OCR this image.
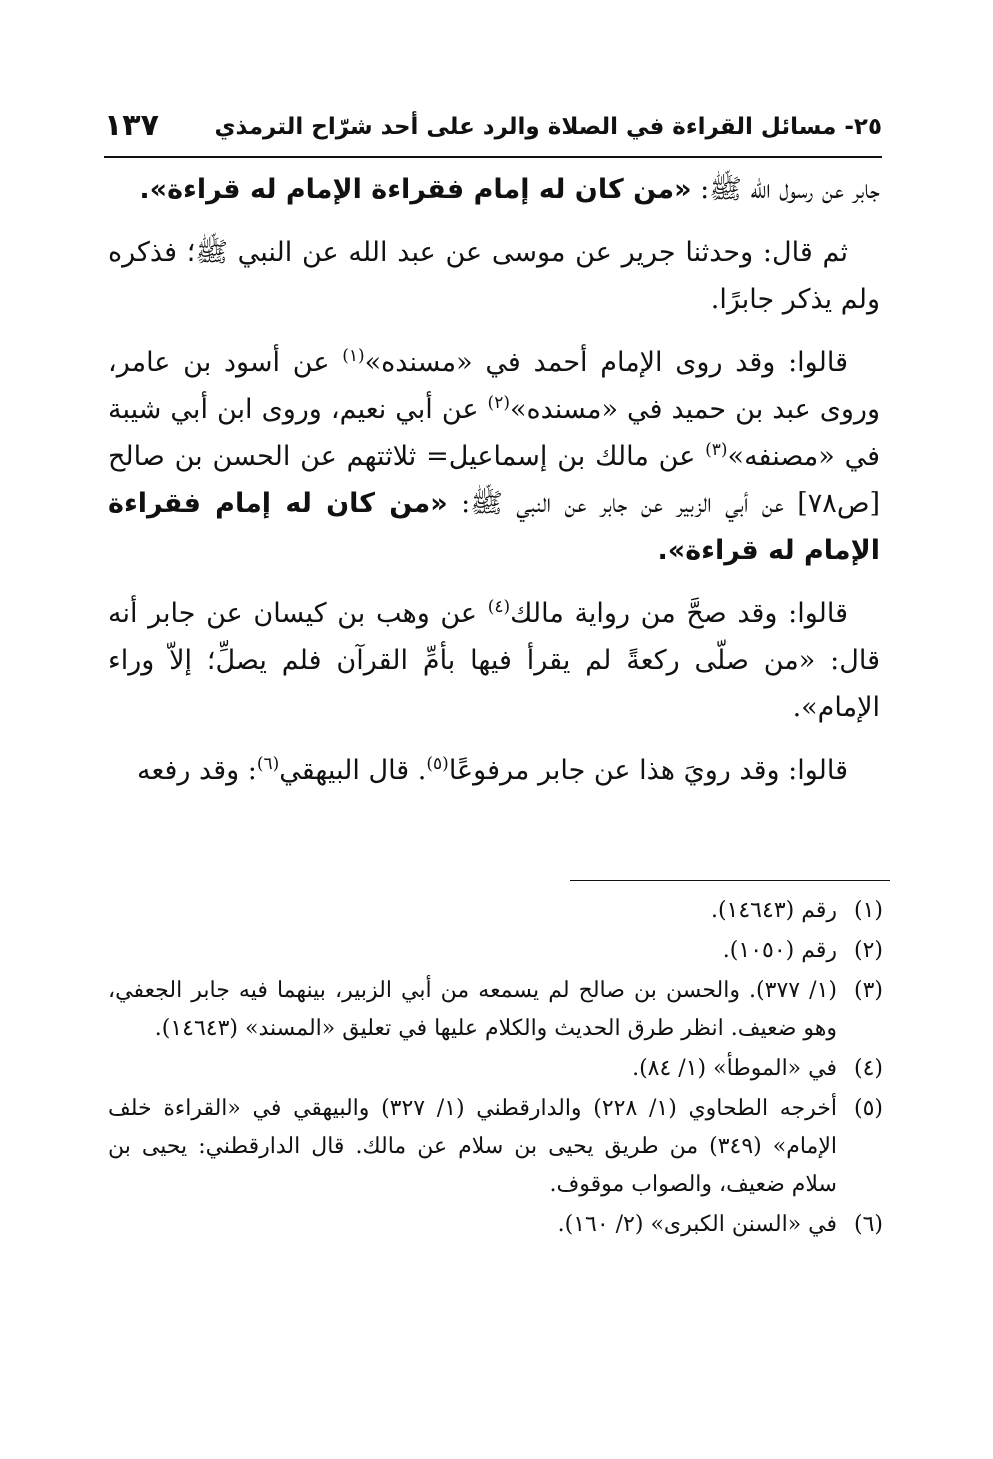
٢٥- مسائل القراءة في الصلاة والرد على أحد شرّاح الترمذي
١٣٧

جابر عن رسول الله ﷺ: «من كان له إمام فقراءة الإمام له قراءة».

ثم قال: وحدثنا جرير عن موسى عن عبد الله عن النبي ﷺ؛ فذكره ولم يذكر جابرًا.

قالوا: وقد روى الإمام أحمد في «مسنده»$^{(١)}$ عن أسود بن عامر، وروى عبد بن حميد في «مسنده»$^{(٢)}$ عن أبي نعيم، وروى ابن أبي شيبة في «مصنفه»$^{(٣)}$ عن مالك بن إسماعيل= ثلاثتهم عن الحسن بن صالح [ص٧٨] عن أبي الزبير عن جابر عن النبي ﷺ: «من كان له إمام فقراءة الإمام له قراءة».

قالوا: وقد صحَّ من رواية مالك$^{(٤)}$ عن وهب بن كيسان عن جابر أنه قال: «من صلّى ركعةً لم يقرأ فيها بأمِّ القرآن فلم يصلِّ؛ إلاّ وراء الإمام».

قالوا: وقد رويَ هذا عن جابر مرفوعًا$^{(٥)}$. قال البيهقي$^{(٦)}$: وقد رفعه

(١)
رقم (١٤٦٤٣).
(٢)
رقم (١٠٥٠).
(٣)
(١/ ٣٧٧). والحسن بن صالح لم يسمعه من أبي الزبير، بينهما فيه جابر الجعفي، وهو ضعيف. انظر طرق الحديث والكلام عليها في تعليق «المسند» (١٤٦٤٣).
(٤)
في «الموطأ» (١/ ٨٤).
(٥)
أخرجه الطحاوي (١/ ٢٢٨) والدارقطني (١/ ٣٢٧) والبيهقي في «القراءة خلف الإمام» (٣٤٩) من طريق يحيى بن سلام عن مالك. قال الدارقطني: يحيى بن سلام ضعيف، والصواب موقوف.
(٦)
في «السنن الكبرى» (٢/ ١٦٠).
